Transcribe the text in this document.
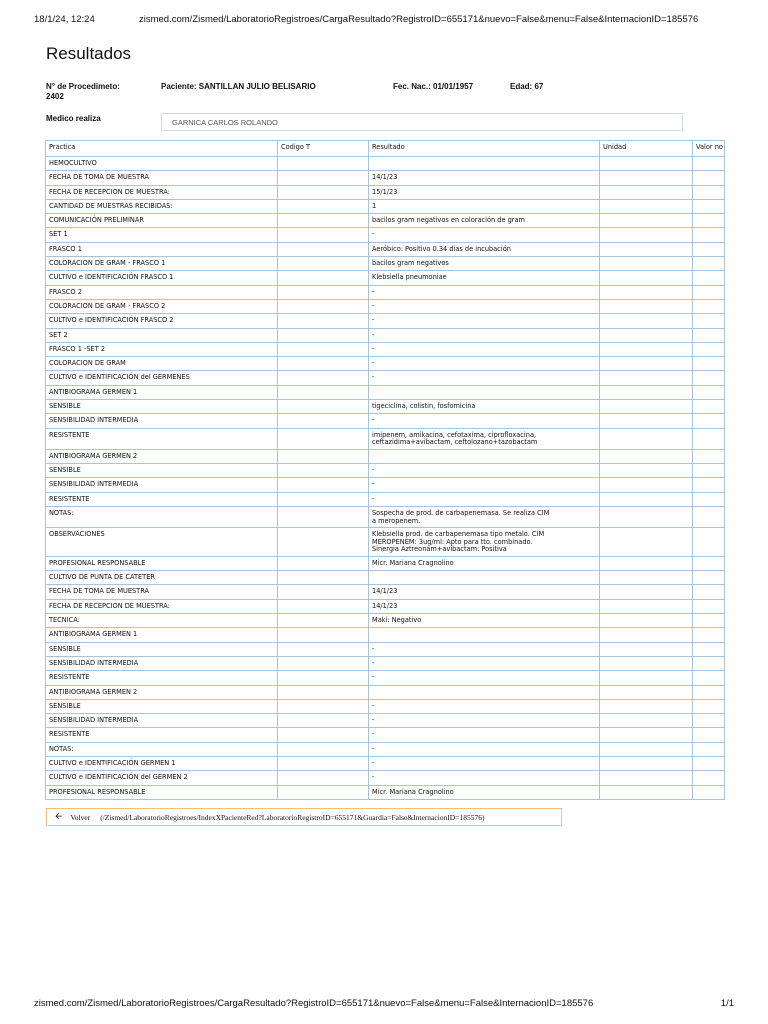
18/1/24, 12:24	zismed.com/Zismed/LaboratorioRegistroes/CargaResultado?RegistroID=655171&nuevo=False&menu=False&InternacionID=185576
Resultados
N° de Procedimeto:
2402
Paciente: SANTILLAN JULIO BELISARIO	Fec. Nac.: 01/01/1957	Edad: 67
Medico realiza	GARNICA CARLOS ROLANDO
Practica	Codigo T	Resultado	Unidad	Valor no
HEMOCULTIVO				
FECHA DE TOMA DE MUESTRA		14/1/23		
FECHA DE RECEPCION DE MUESTRA:		15/1/23		
CANTIDAD DE MUESTRAS RECIBIDAS:		1		
COMUNICACIÓN PRELIMINAR		bacilos gram negativos en coloración de gram		
SET 1		-		
FRASCO 1		Aeróbico: Positivo 0.34 dias de incubación		
COLORACION DE GRAM - FRASCO 1		bacilos gram negativos		
CULTIVO e IDENTIFICACIÓN FRASCO 1		Klebsiella pneumoniae		
FRASCO 2		-		
COLORACION DE GRAM - FRASCO 2		-		
CULTIVO e IDENTIFICACIÓN FRASCO 2		-		
SET 2		-		
FRASCO 1 -SET 2		-		
COLORACION DE GRAM		-		
CULTIVO e IDENTIFICACIÓN del GERMENES		-		
ANTIBIOGRAMA GERMEN 1				
SENSIBLE		tigeciclina, colistin, fosfomicina		
SENSIBILIDAD INTERMEDIA		-		
RESISTENTE		imipenem, amikacina, cefotaxima, ciprofloxacina,
ceftazidima+avibactam, ceftolozano+tazobactam		
ANTIBIOGRAMA GERMEN 2				
SENSIBLE		-		
SENSIBILIDAD INTERMEDIA		-		
RESISTENTE		-		
NOTAS:		Sospecha de prod. de carbapenemasa. Se realiza CIM
a meropenem.		
OBSERVACIONES		Klebsiella prod. de carbapenemasa tipo metalo. CIM
MEROPENEM: 3ug/ml: Apto para tto. combinado.
Sinergia Aztreonam+avibactam: Positiva		
PROFESIONAL RESPONSABLE		Micr. Mariana Cragnolino		
CULTIVO DE PUNTA DE CATETER				
FECHA DE TOMA DE MUESTRA		14/1/23		
FECHA DE RECEPCION DE MUESTRA:		14/1/23		
TECNICA:		Maki: Negativo		
ANTIBIOGRAMA GERMEN 1				
SENSIBLE		-		
SENSIBILIDAD INTERMEDIA		-		
RESISTENTE		-		
ANTIBIOGRAMA GERMEN 2				
SENSIBLE		-		
SENSIBILIDAD INTERMEDIA		-		
RESISTENTE		-		
NOTAS:		-		
CULTIVO e IDENTIFICACIÓN GERMEN 1		-		
CULTIVO e IDENTIFICACIÓN del GERMEN 2		-		
PROFESIONAL RESPONSABLE		Micr. Mariana Cragnolino		
🡨 Volver (/Zismed/LaboratorioRegistroes/IndexXPacienteRed?LaboratorioRegistroID=655171&Guardia=False&InternacionID=185576)
zismed.com/Zismed/LaboratorioRegistroes/CargaResultado?RegistroID=655171&nuevo=False&menu=False&InternacionID=185576	1/1
